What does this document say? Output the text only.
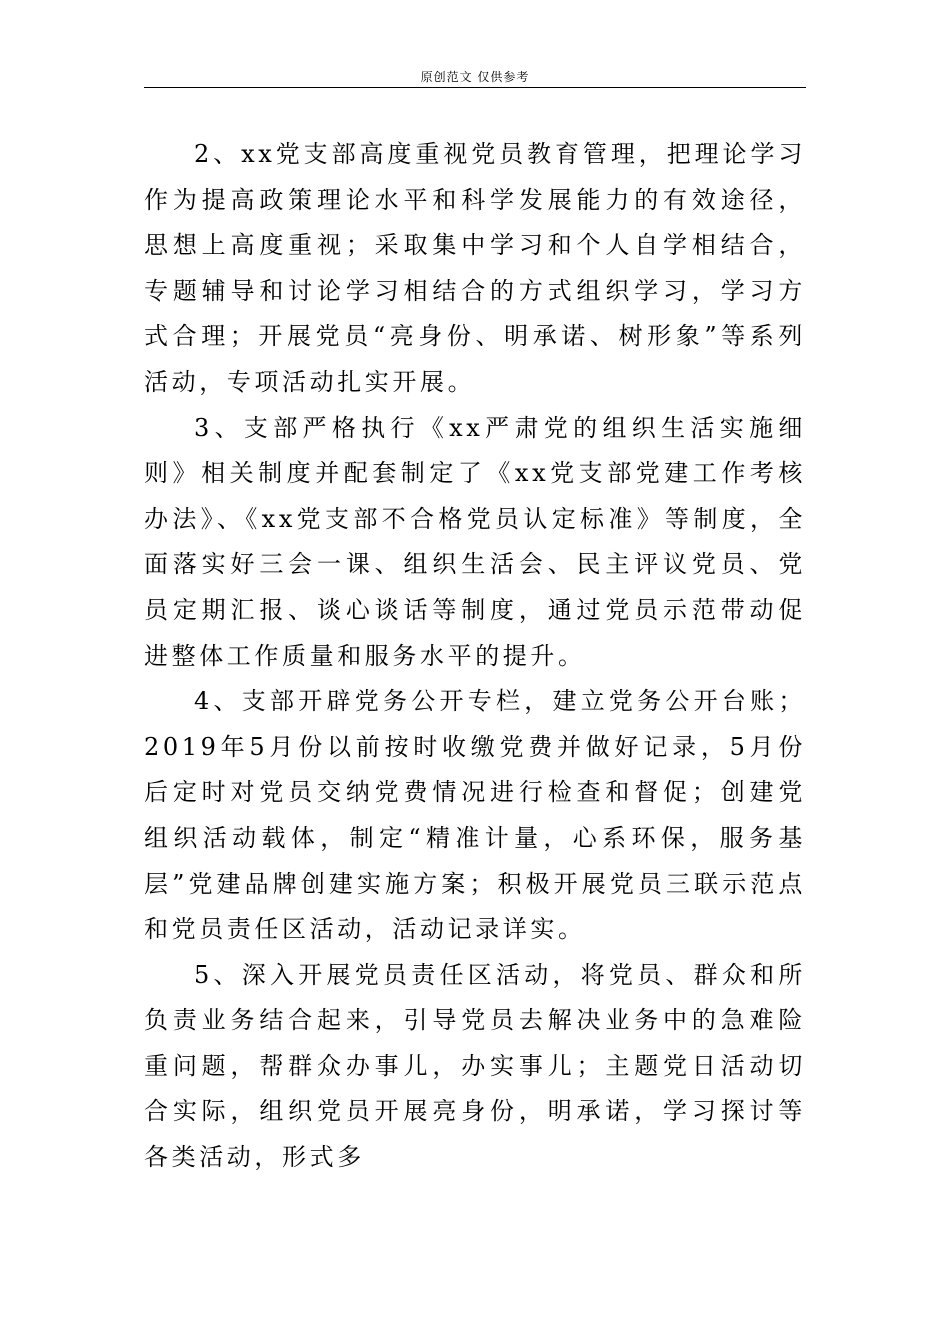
原创范文 仅供参考

2、xx党支部高度重视党员教育管理，把理论学习作为提高政策理论水平和科学发展能力的有效途径，思想上高度重视；采取集中学习和个人自学相结合，专题辅导和讨论学习相结合的方式组织学习，学习方式合理；开展党员“亮身份、明承诺、树形象”等系列活动，专项活动扎实开展。

3、支部严格执行《xx严肃党的组织生活实施细则》相关制度并配套制定了《xx党支部党建工作考核办法》、《xx党支部不合格党员认定标准》等制度，全面落实好三会一课、组织生活会、民主评议党员、党员定期汇报、谈心谈话等制度，通过党员示范带动促进整体工作质量和服务水平的提升。

4、支部开辟党务公开专栏，建立党务公开台账；2019年5月份以前按时收缴党费并做好记录，5月份后定时对党员交纳党费情况进行检查和督促；创建党组织活动载体，制定“精准计量，心系环保，服务基层”党建品牌创建实施方案；积极开展党员三联示范点和党员责任区活动，活动记录详实。

5、深入开展党员责任区活动，将党员、群众和所负责业务结合起来，引导党员去解决业务中的急难险重问题，帮群众办事儿，办实事儿；主题党日活动切合实际，组织党员开展亮身份，明承诺，学习探讨等各类活动，形式多
